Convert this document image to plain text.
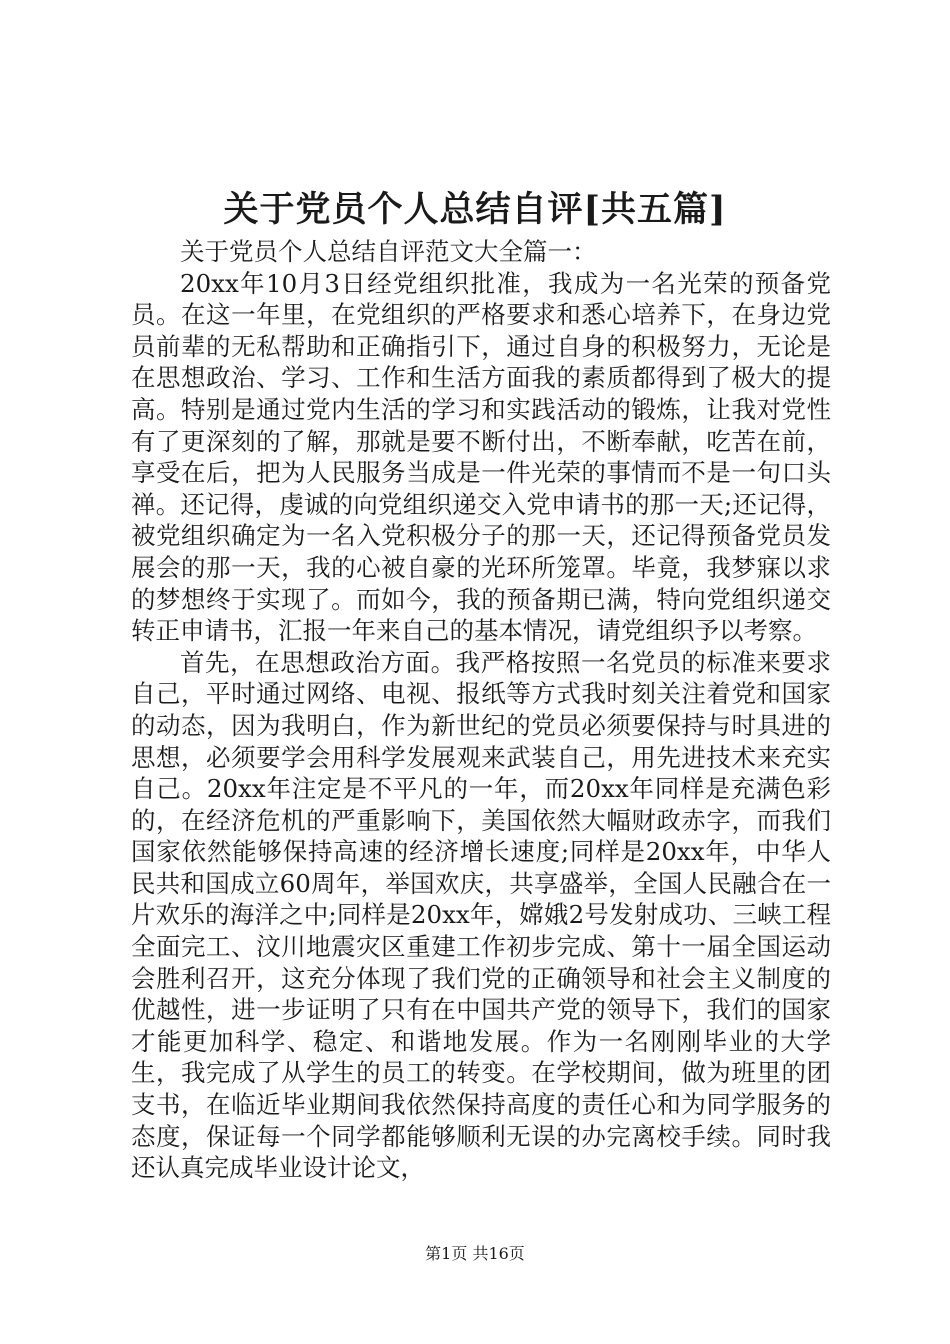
关于党员个人总结自评[共五篇]

关于党员个人总结自评范文大全篇一：

20xx年10月3日经党组织批准，我成为一名光荣的预备党员。在这一年里，在党组织的严格要求和悉心培养下，在身边党员前辈的无私帮助和正确指引下，通过自身的积极努力，无论是在思想政治、学习、工作和生活方面我的素质都得到了极大的提高。特别是通过党内生活的学习和实践活动的锻炼，让我对党性有了更深刻的了解，那就是要不断付出，不断奉献，吃苦在前，享受在后，把为人民服务当成是一件光荣的事情而不是一句口头禅。还记得，虔诚的向党组织递交入党申请书的那一天;还记得，被党组织确定为一名入党积极分子的那一天，还记得预备党员发展会的那一天，我的心被自豪的光环所笼罩。毕竟，我梦寐以求的梦想终于实现了。而如今，我的预备期已满，特向党组织递交转正申请书，汇报一年来自己的基本情况，请党组织予以考察。

首先，在思想政治方面。我严格按照一名党员的标准来要求自己，平时通过网络、电视、报纸等方式我时刻关注着党和国家的动态，因为我明白，作为新世纪的党员必须要保持与时具进的思想，必须要学会用科学发展观来武装自己，用先进技术来充实自己。20xx年注定是不平凡的一年，而20xx年同样是充满色彩的，在经济危机的严重影响下，美国依然大幅财政赤字，而我们国家依然能够保持高速的经济增长速度;同样是20xx年，中华人民共和国成立60周年，举国欢庆，共享盛举，全国人民融合在一片欢乐的海洋之中;同样是20xx年，嫦娥2号发射成功、三峡工程全面完工、汶川地震灾区重建工作初步完成、第十一届全国运动会胜利召开，这充分体现了我们党的正确领导和社会主义制度的优越性，进一步证明了只有在中国共产党的领导下，我们的国家才能更加科学、稳定、和谐地发展。作为一名刚刚毕业的大学生，我完成了从学生的员工的转变。在学校期间，做为班里的团支书，在临近毕业期间我依然保持高度的责任心和为同学服务的态度，保证每一个同学都能够顺利无误的办完离校手续。同时我还认真完成毕业设计论文，

第1页 共16页
